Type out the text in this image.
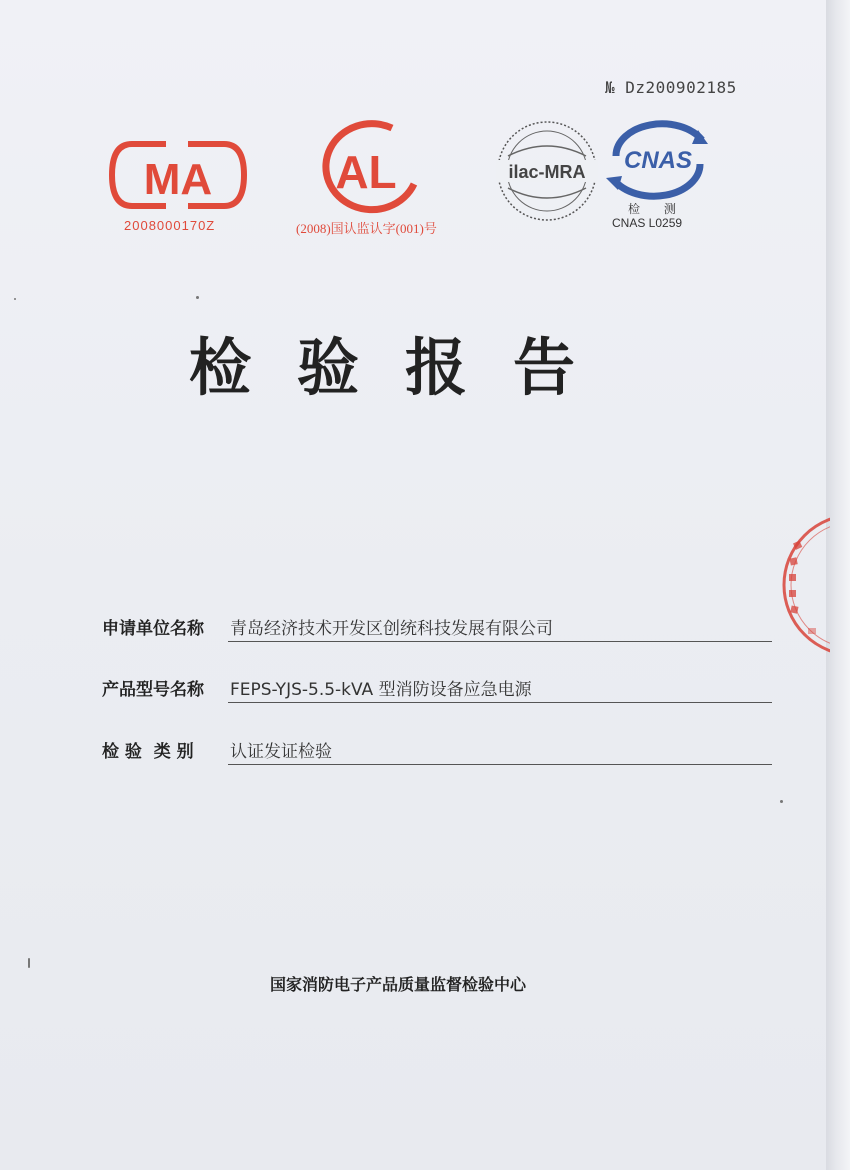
№ Dz200902185
MA
2008000170Z
AL
(2008)国认监认字(001)号
ilac-MRA CNAS
检 测
CNAS L0259
检验报告
申请单位名称 青岛经济技术开发区创统科技发展有限公司
产品型号名称 FEPS-YJS-5.5-kVA 型消防设备应急电源
检 验  类 别 认证发证检验
国家消防电子产品质量监督检验中心
